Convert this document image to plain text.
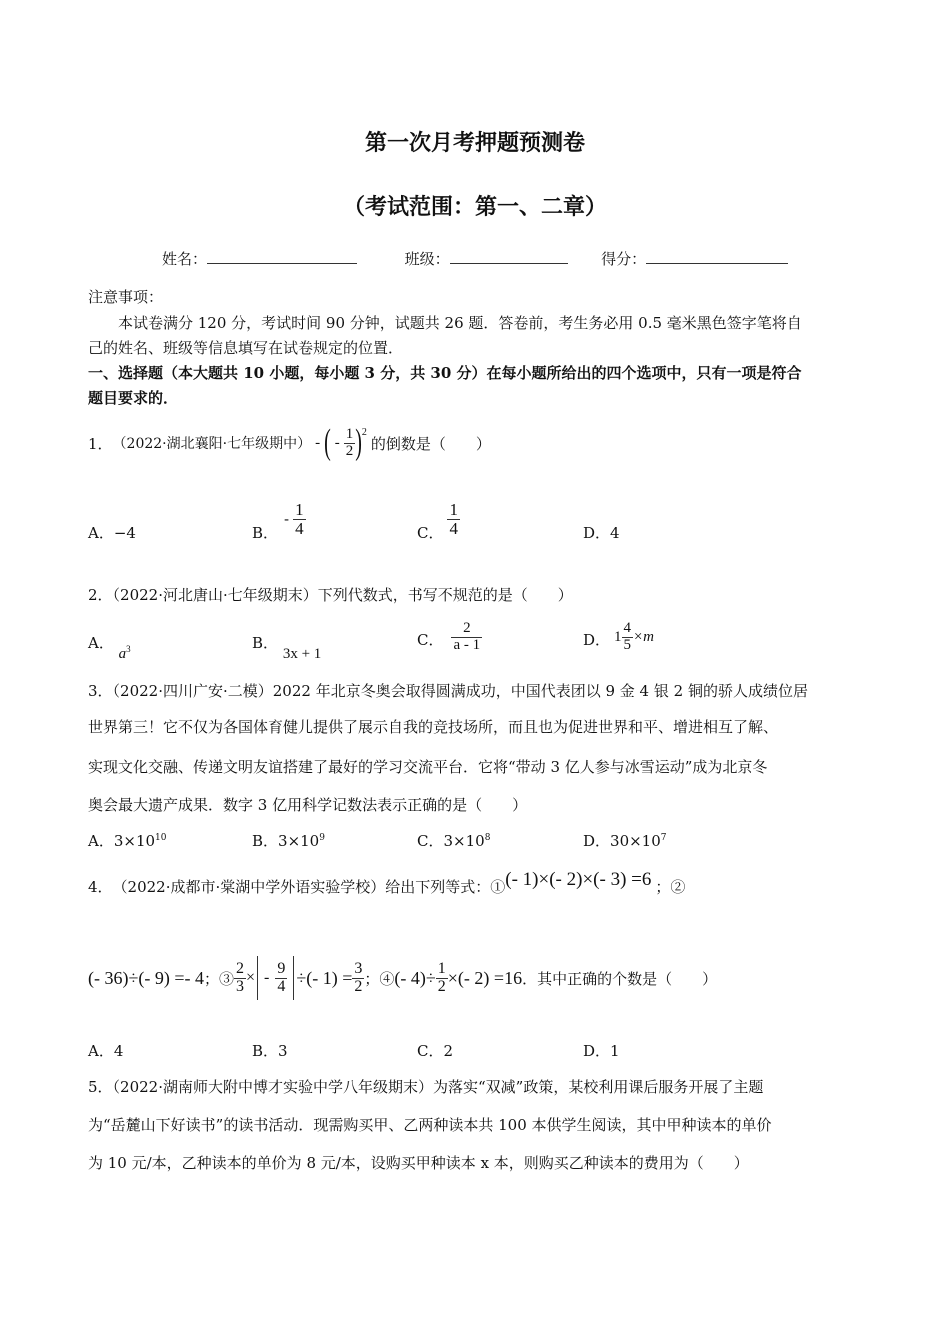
第一次月考押题预测卷
（考试范围：第一、二章）
姓名：	班级：	得分：
注意事项：
本试卷满分 120 分，考试时间 90 分钟，试题共 26 题．答卷前，考生务必用 0.5 毫米黑色签字笔将自
己的姓名、班级等信息填写在试卷规定的位置．
一、选择题（本大题共 10 小题，每小题 3 分，共 30 分）在每小题所给出的四个选项中，只有一项是符合
题目要求的．
1． （2022·湖北襄阳·七年级期中） - ( - $\frac{1}{2} )^2$
的倒数是（　　）
A．−4	B．
- $\frac{1}{4}$	C． $\frac{1}{4}$	D．4
2．（2022·河北唐山·七年级期末）下列代数式，书写不规范的是（　　）
A． $a^3$	B． 3x + 1
C． $\frac{2}{a - 1}$	D． $1 \frac{4}{5} \times m$
3．（2022·四川广安·二模）2022 年北京冬奥会取得圆满成功，中国代表团以 9 金 4 银 2 铜的骄人成绩位居
世界第三！它不仅为各国体育健儿提供了展示自我的竞技场所，而且也为促进世界和平、增进相互了解、
实现文化交融、传递文明友谊搭建了最好的学习交流平台．它将“带动 3 亿人参与冰雪运动”成为北京冬
奥会最大遗产成果．数字 3 亿用科学记数法表示正确的是（　　）
A．$3\times 10^{10}$	B．$3\times 10^9$	C．$3\times 10^8$	D．$30\times 10^7$
4． （2022·成都市·棠湖中学外语实验学校）给出下列等式：① (- 1)×(- 2)×(- 3) =6 ；②
(- 36)÷(- 9) =- 4 ；③ $\frac{2}{3}$ × - $\frac{9}{4}$ ÷(- $1) = \frac{3}{2}$ ；④ (- $4)\div \frac{1}{2}$ ×(- 2) =16 ．其中正确的个数是（　　）
A．4	B．3	C．2	D．1
5．（2022·湖南师大附中博才实验中学八年级期末）为落实“双减”政策，某校利用课后服务开展了主题
为“岳麓山下好读书”的读书活动．现需购买甲、乙两种读本共 100 本供学生阅读，其中甲种读本的单价
为 10 元/本，乙种读本的单价为 8 元/本，设购买甲种读本 x 本，则购买乙种读本的费用为（　　）
